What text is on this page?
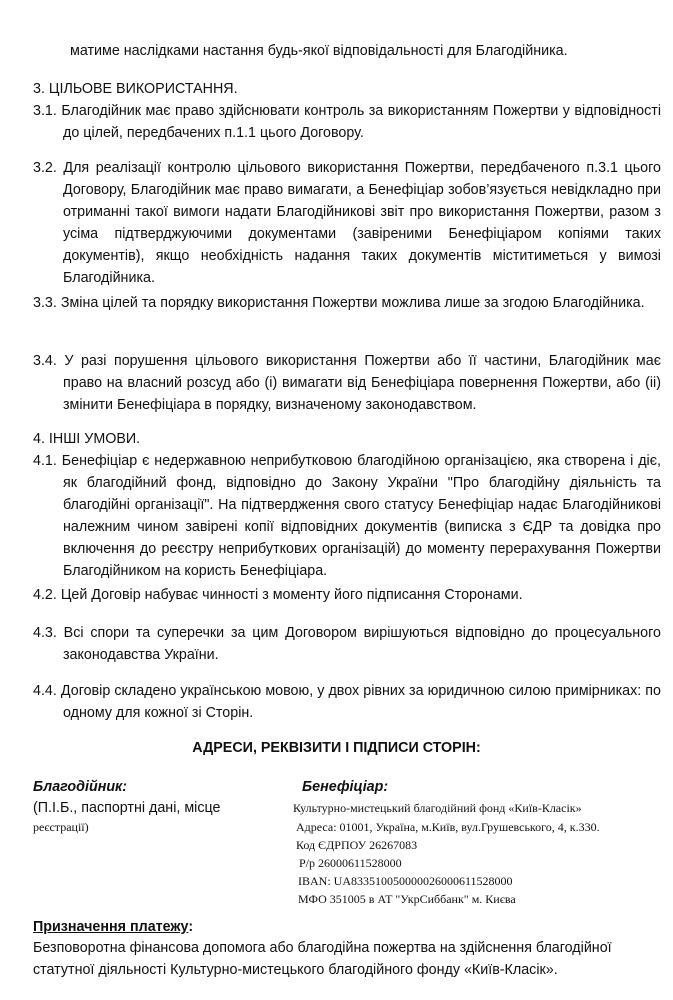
матиме наслідками настання будь-якої відповідальності для Благодійника.
3. ЦІЛЬОВЕ ВИКОРИСТАННЯ.
3.1. Благодійник має право здійснювати контроль за використанням Пожертви у відповідності до цілей, передбачених п.1.1 цього Договору.
3.2. Для реалізації контролю цільового використання Пожертви, передбаченого п.3.1 цього Договору, Благодійник має право вимагати, а Бенефіціар зобов’язується невідкладно при отриманні такої вимоги надати Благодійникові звіт про використання Пожертви, разом з усіма підтверджуючими документами (завіреними Бенефіціаром копіями таких документів), якщо необхідність надання таких документів міститиметься у вимозі Благодійника.
3.3. Зміна цілей та порядку використання Пожертви можлива лише за згодою Благодійника.
3.4. У разі порушення цільового використання Пожертви або її частини, Благодійник має право на власний розсуд або (і) вимагати від Бенефіціара повернення Пожертви, або (іі) змінити Бенефіціара в порядку, визначеному законодавством.
4. ІНШІ УМОВИ.
4.1. Бенефіціар є недержавною неприбутковою благодійною організацією, яка створена і діє, як благодійний фонд, відповідно до Закону України "Про благодійну діяльність та благодійні організації". На підтвердження свого статусу Бенефіціар надає Благодійникові належним чином завірені копії відповідних документів (виписка з ЄДР та довідка про включення до реєстру неприбуткових організацій) до моменту перерахування Пожертви Благодійником на користь Бенефіціара.
4.2. Цей Договір набуває чинності з моменту його підписання Сторонами.
4.3. Всі спори та суперечки за цим Договором вирішуються відповідно до процесуального законодавства України.
4.4. Договір складено українською мовою, у двох рівних за юридичною силою примірниках: по одному для кожної зі Сторін.
АДРЕСИ, РЕКВІЗИТИ І ПІДПИСИ СТОРІН:
Благодійник:
(П.І.Б., паспортні дані, місце
реєстрації)
Бенефіціар:
Культурно-мистецький благодійний фонд «Київ-Класік»
Адреса: 01001, Україна, м.Київ, вул.Грушевського, 4, к.330.
Код ЄДРПОУ 26267083
Р/р 26000611528000
IBAN: UA833510050000026000611528000
МФО 351005 в АТ "УкрСиббанк" м. Києва
Призначення платежу:
Безповоротна фінансова допомога або благодійна пожертва на здійснення благодійної статутної діяльності Культурно-мистецького благодійного фонду «Київ-Класік».
